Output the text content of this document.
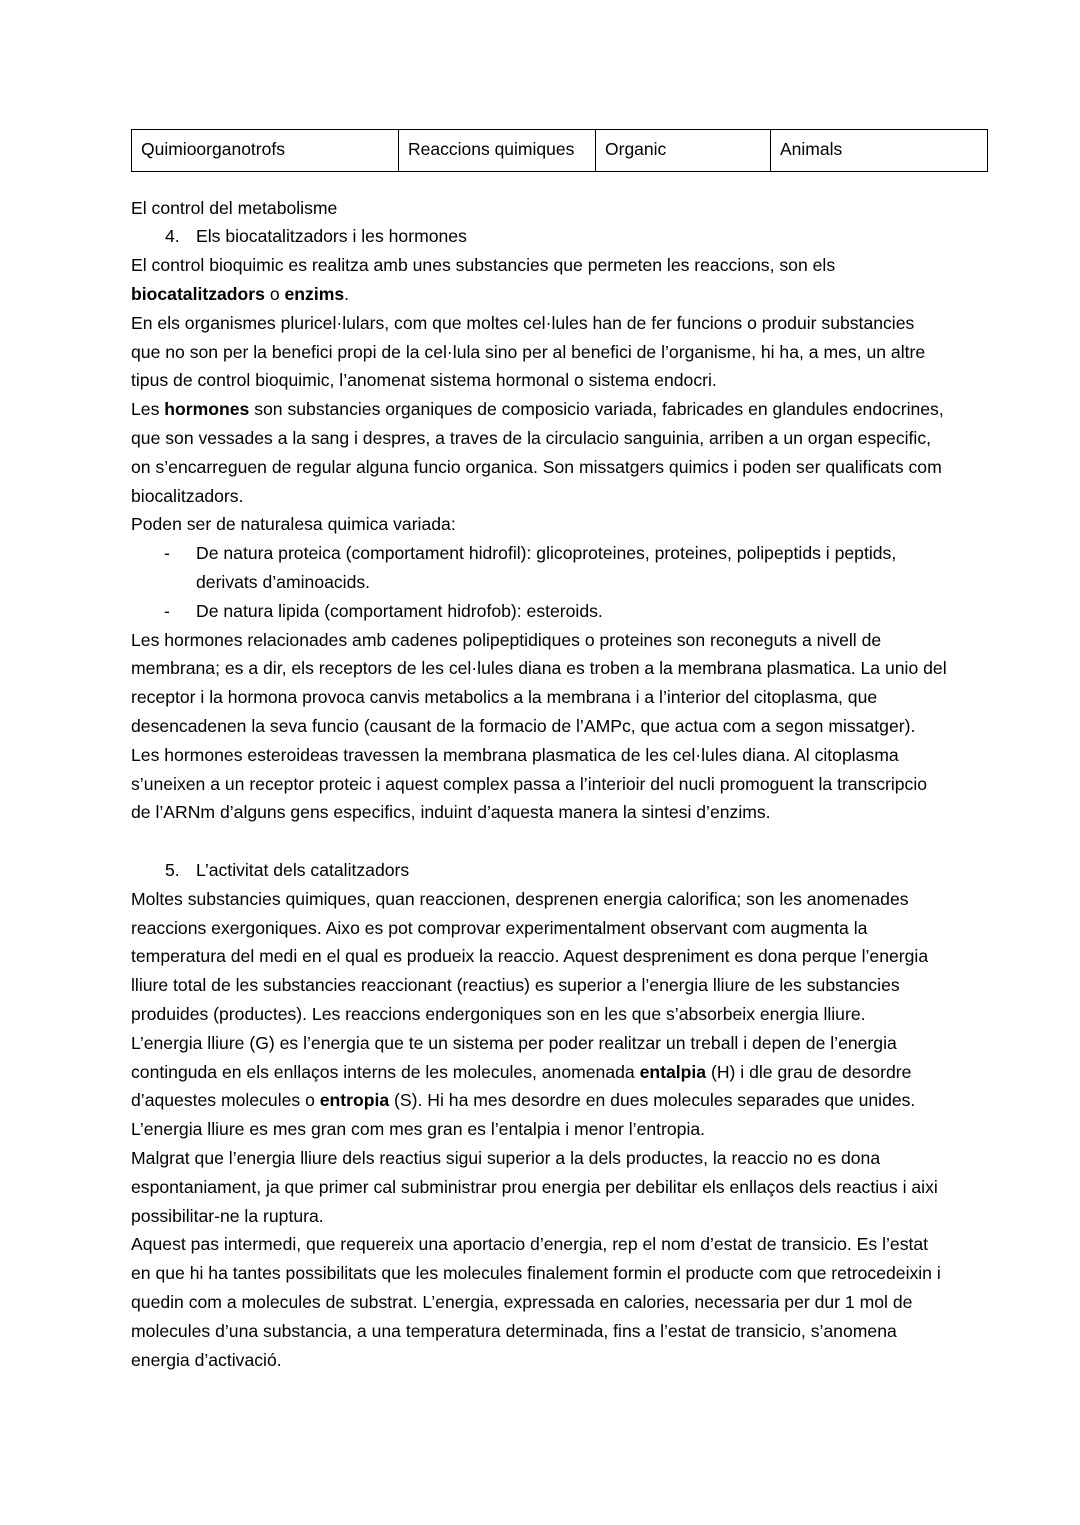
Quimioorganotrofs	Reaccions quimiques	Organic	Animals

El control del metabolisme

4. Els biocatalitzadors i les hormones

El control bioquimic es realitza amb unes substancies que permeten les reaccions, son els biocatalitzadors o enzims.

En els organismes pluricel·lulars, com que moltes cel·lules han de fer funcions o produir substancies que no son per la benefici propi de la cel·lula sino per al benefici de l’organisme, hi ha, a mes, un altre tipus de control bioquimic, l’anomenat sistema hormonal o sistema endocri.

Les hormones son substancies organiques de composicio variada, fabricades en glandules endocrines, que son vessades a la sang i despres, a traves de la circulacio sanguinia, arriben a un organ especific, on s’encarreguen de regular alguna funcio organica. Son missatgers quimics i poden ser qualificats com biocalitzadors.

Poden ser de naturalesa quimica variada:

-	De natura proteica (comportament hidrofil): glicoproteines, proteines, polipeptids i peptids, derivats d’aminoacids.
-	De natura lipida (comportament hidrofob): esteroids.

Les hormones relacionades amb cadenes polipeptidiques o proteines son reconeguts a nivell de membrana; es a dir, els receptors de les cel·lules diana es troben a la membrana plasmatica. La unio del receptor i la hormona provoca canvis metabolics a la membrana i a l’interior del citoplasma, que desencadenen la seva funcio (causant de la formacio de l’AMPc, que actua com a segon missatger).

Les hormones esteroideas travessen la membrana plasmatica de les cel·lules diana. Al citoplasma s’uneixen a un receptor proteic i aquest complex passa a l’interioir del nucli promoguent la transcripcio de l’ARNm d’alguns gens especifics, induint d’aquesta manera la sintesi d’enzims.

5. L’activitat dels catalitzadors

Moltes substancies quimiques, quan reaccionen, desprenen energia calorifica; son les anomenades reaccions exergoniques. Aixo es pot comprovar experimentalment observant com augmenta la temperatura del medi en el qual es produeix la reaccio. Aquest despreniment es dona perque l’energia lliure total de les substancies reaccionant (reactius) es superior a l’energia lliure de les substancies produides (productes). Les reaccions endergoniques son en les que s’absorbeix energia lliure.

L’energia lliure (G) es l’energia que te un sistema per poder realitzar un treball i depen de l’energia continguda en els enllaços interns de les molecules, anomenada entalpia (H) i dle grau de desordre d’aquestes molecules o entropia (S). Hi ha mes desordre en dues molecules separades que unides. L’energia lliure es mes gran com mes gran es l’entalpia i menor l’entropia.

Malgrat que l’energia lliure dels reactius sigui superior a la dels productes, la reaccio no es dona espontaniament, ja que primer cal subministrar prou energia per debilitar els enllaços dels reactius i aixi possibilitar-ne la ruptura.

Aquest pas intermedi, que requereix una aportacio d’energia, rep el nom d’estat de transicio. Es l’estat en que hi ha tantes possibilitats que les molecules finalement formin el producte com que retrocedeixin i quedin com a molecules de substrat. L’energia, expressada en calories, necessaria per dur 1 mol de molecules d’una substancia, a una temperatura determinada, fins a l’estat de transicio, s’anomena energia d’activació.
